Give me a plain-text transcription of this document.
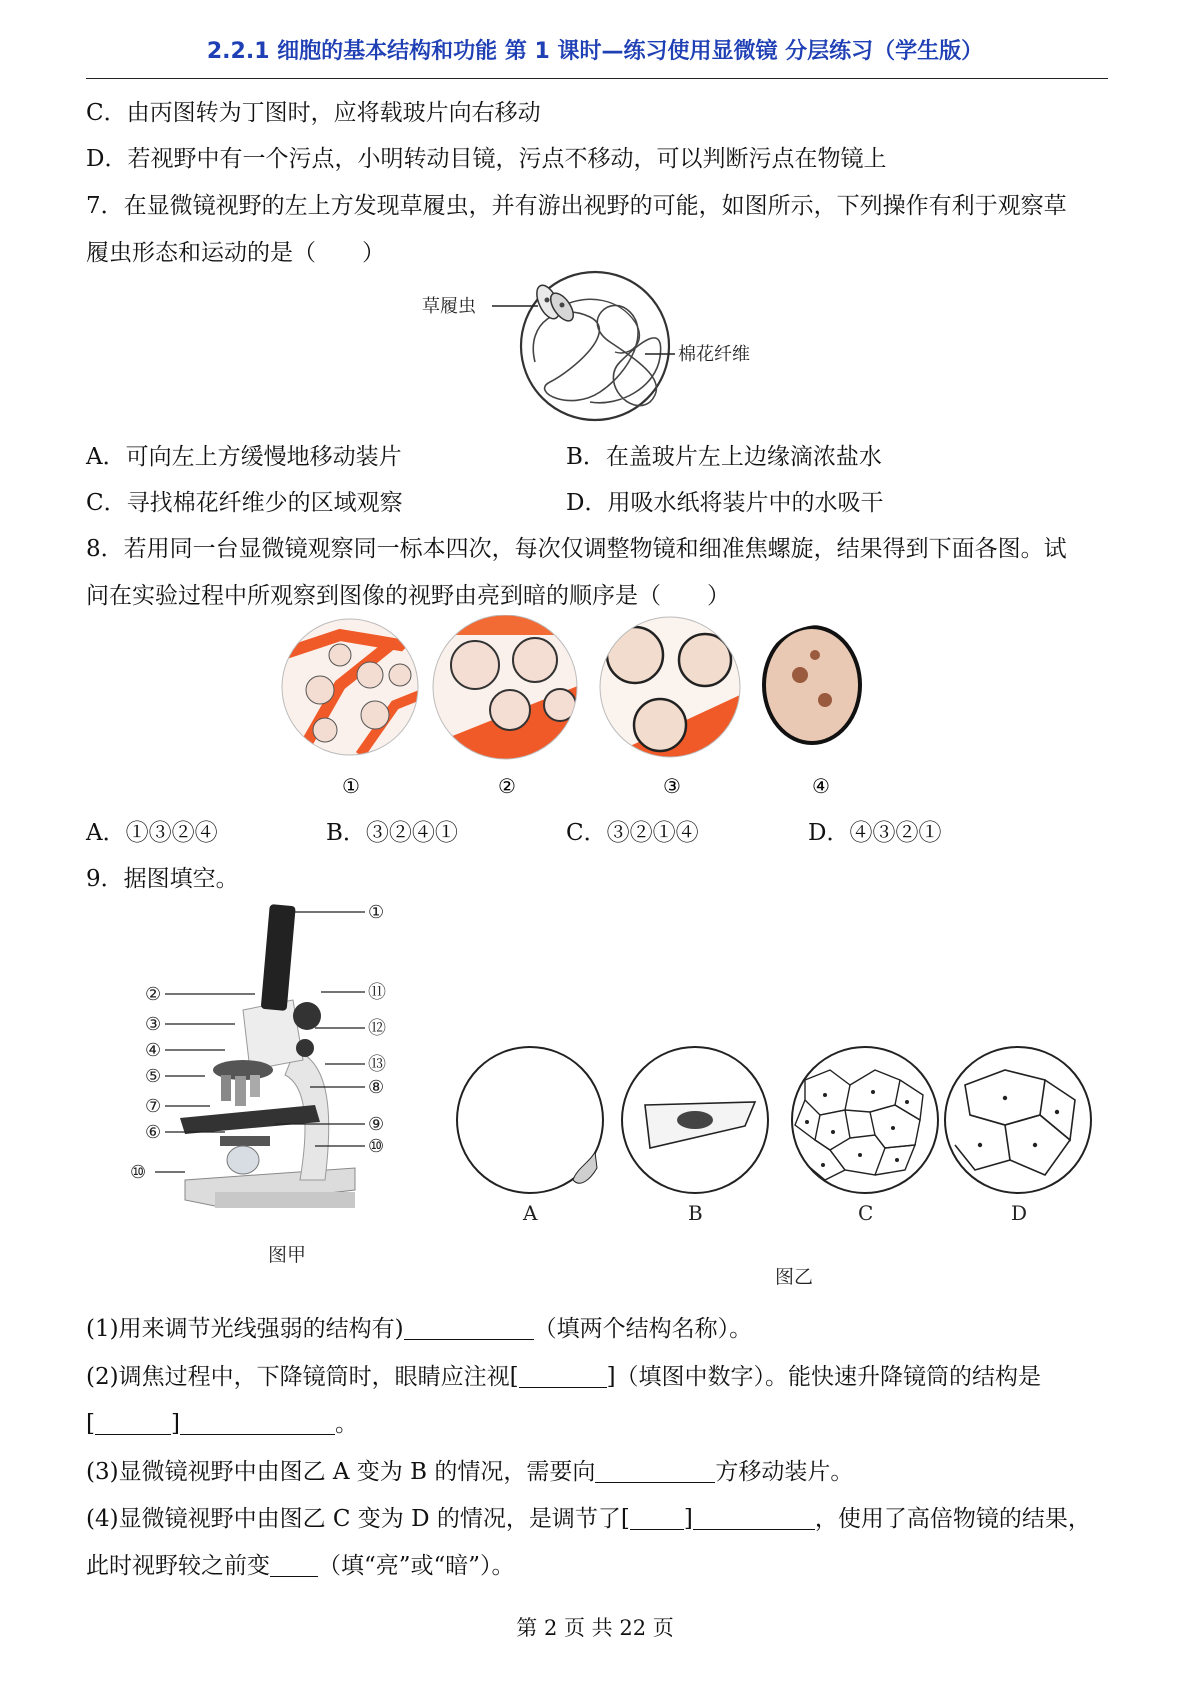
2.2.1 细胞的基本结构和功能 第 1 课时—练习使用显微镜 分层练习（学生版）
C．由丙图转为丁图时，应将载玻片向右移动
D．若视野中有一个污点，小明转动目镜，污点不移动，可以判断污点在物镜上
7．在显微镜视野的左上方发现草履虫，并有游出视野的可能，如图所示，下列操作有利于观察草
履虫形态和运动的是（　　）
草履虫
棉花纤维
A．可向左上方缓慢地移动装片	B．在盖玻片左上边缘滴浓盐水
C．寻找棉花纤维少的区域观察	D．用吸水纸将装片中的水吸干
8．若用同一台显微镜观察同一标本四次，每次仅调整物镜和细准焦螺旋，结果得到下面各图。试
问在实验过程中所观察到图像的视野由亮到暗的顺序是（　　）
①	②	③	④
A．①③②④	B．③②④①	C．③②①④	D．④③②①
9．据图填空。
①
②
③
④
⑤
⑦
⑥
⑩
⑪
⑫
⑬
⑧
⑨
⑩
图甲
A	B	C	D
图乙
(1)用来调节光线强弱的结构有)	（填两个结构名称）。
(2)调焦过程中，下降镜筒时，眼睛应注视[	]（填图中数字）。能快速升降镜筒的结构是
[	]	。
(3)显微镜视野中由图乙 A 变为 B 的情况，需要向	方移动装片。
(4)显微镜视野中由图乙 C 变为 D 的情况，是调节了[ ]	，使用了高倍物镜的结果，
此时视野较之前变 （填“亮”或“暗”）。
第 2 页 共 22 页
